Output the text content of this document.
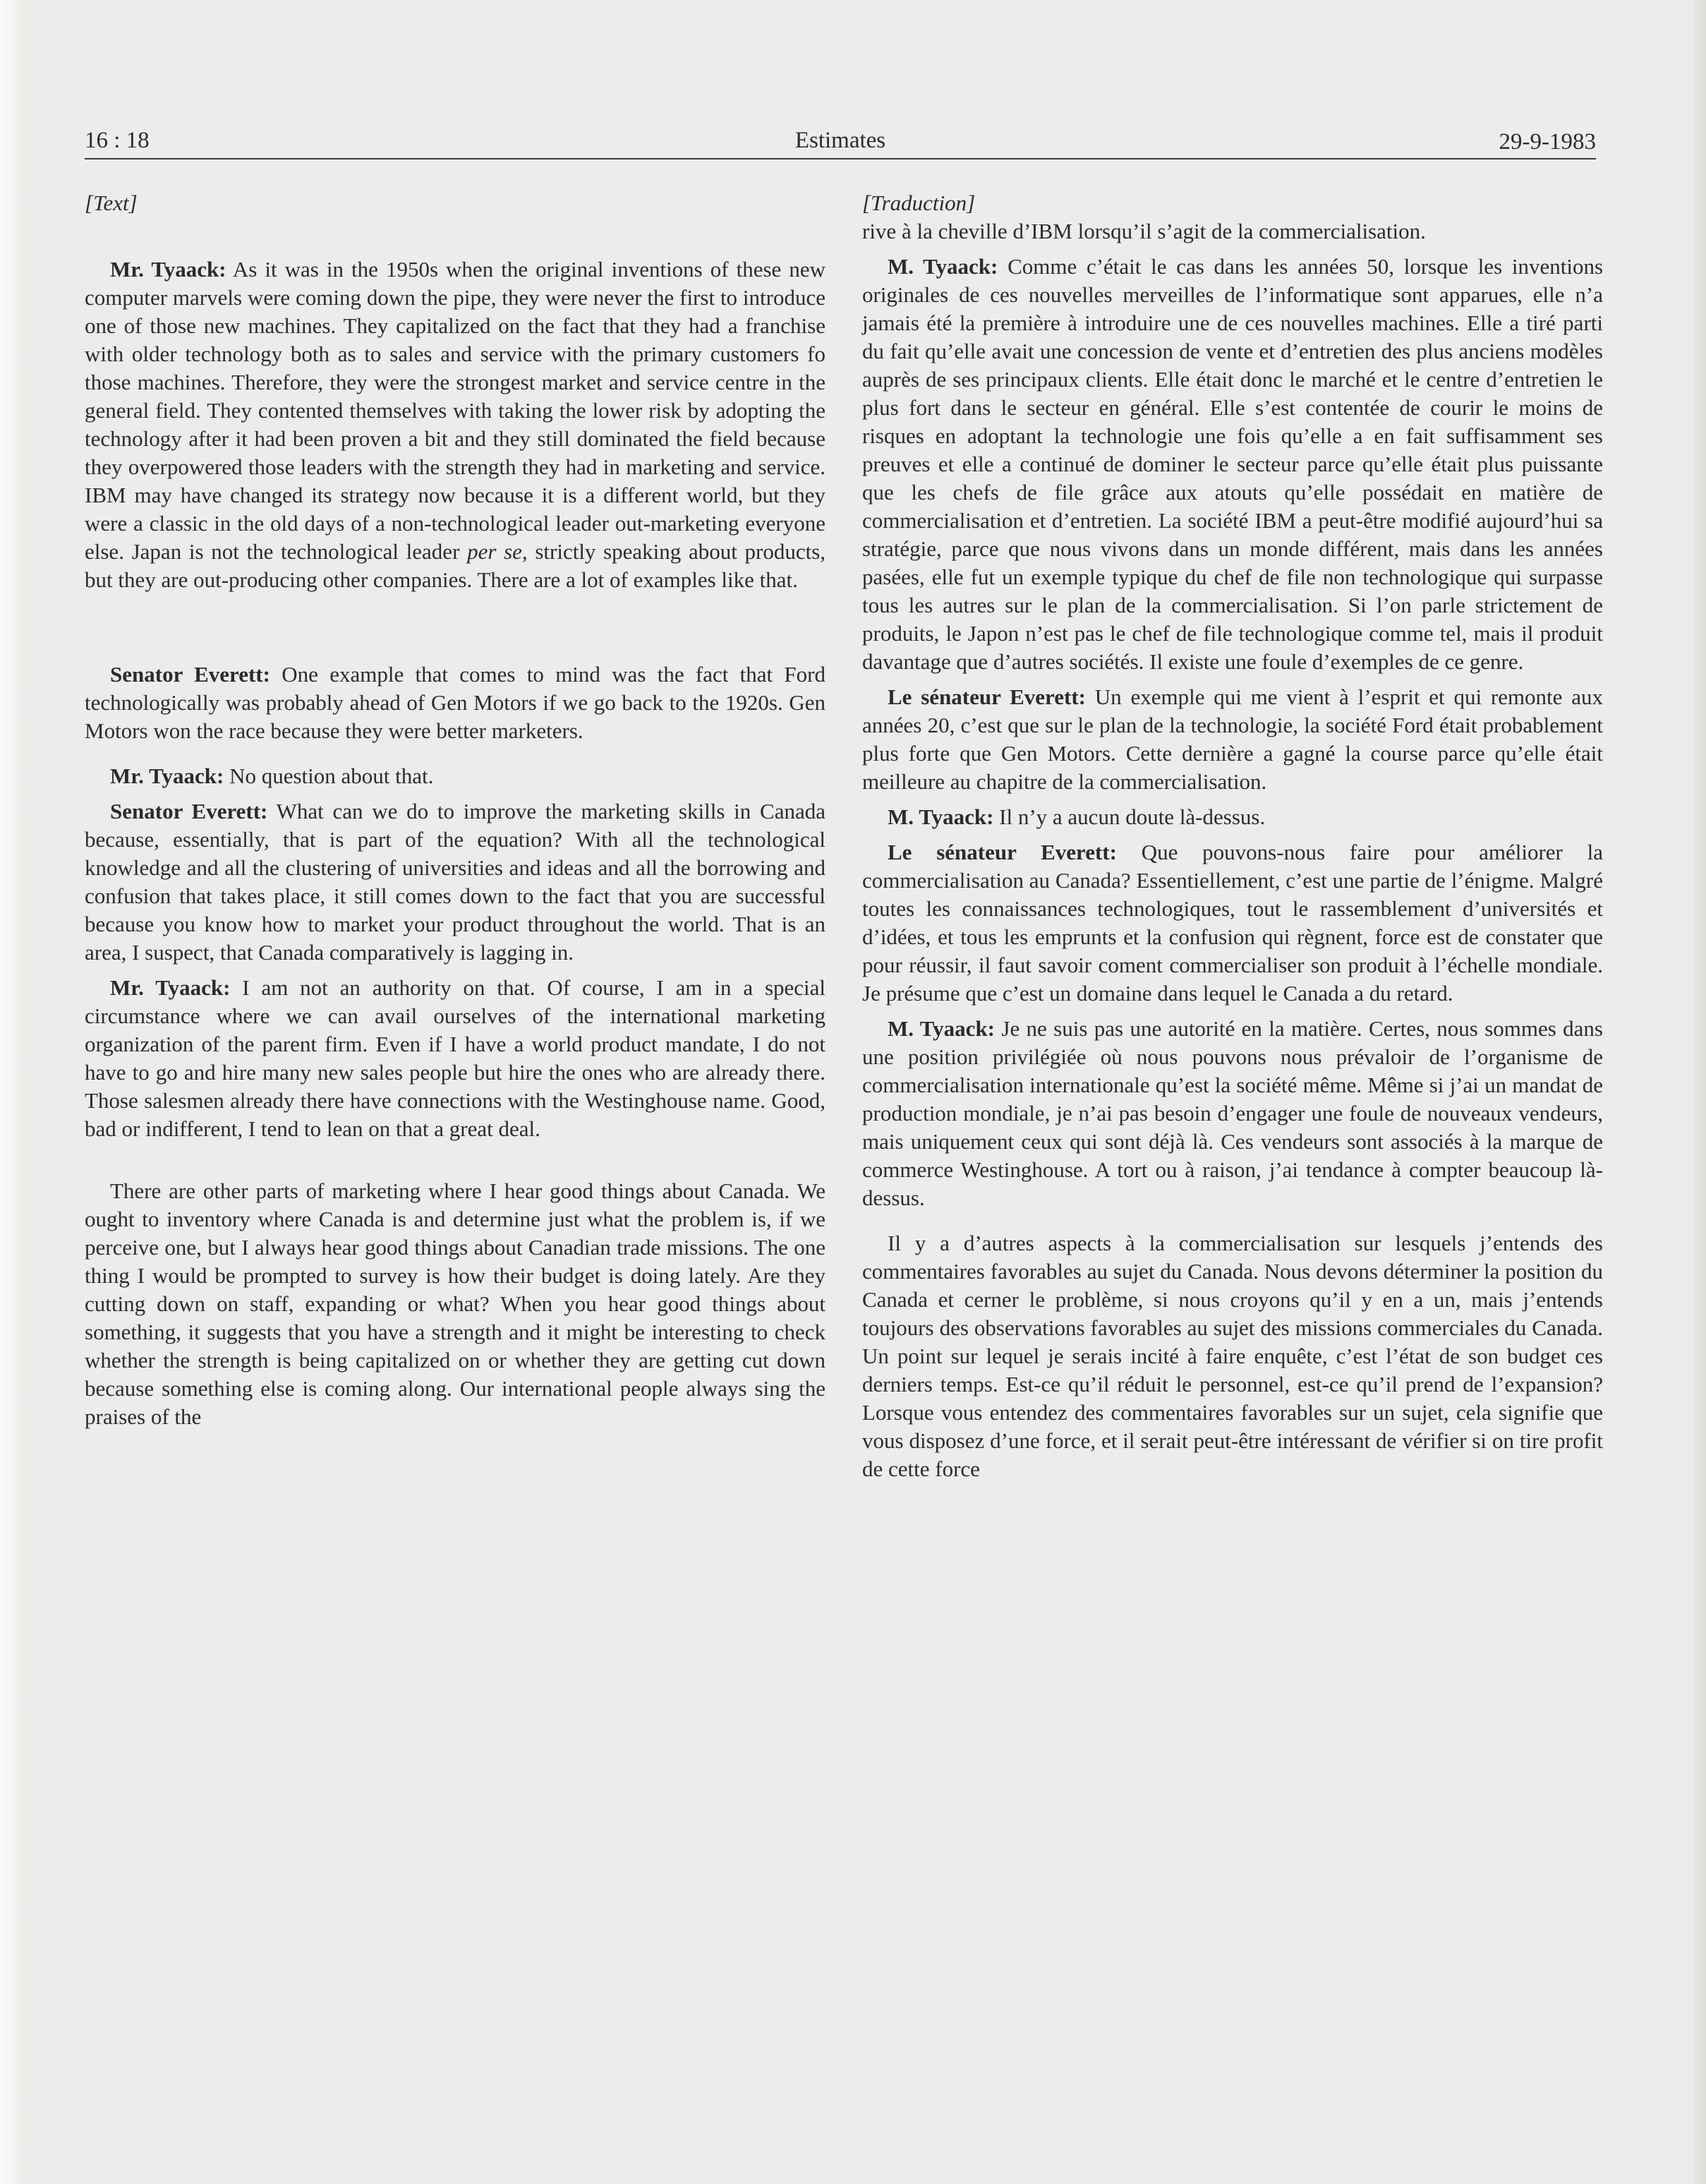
16 : 18	Estimates	29-9-1983

[Text]

Mr. Tyaack: As it was in the 1950s when the original inventions of these new computer marvels were coming down the pipe, they were never the first to introduce one of those new machines. They capitalized on the fact that they had a franchise with older technology both as to sales and service with the primary customers fo those machines. Therefore, they were the strongest market and service centre in the general field. They contented themselves with taking the lower risk by adopting the technology after it had been proven a bit and they still dominated the field because they overpowered those leaders with the strength they had in marketing and service. IBM may have changed its strategy now because it is a different world, but they were a classic in the old days of a non-technological leader out-marketing everyone else. Japan is not the technological leader per se, strictly speaking about products, but they are out-producing other companies. There are a lot of examples like that.

Senator Everett: One example that comes to mind was the fact that Ford technologically was probably ahead of Gen Motors if we go back to the 1920s. Gen Motors won the race because they were better marketers.

Mr. Tyaack: No question about that.

Senator Everett: What can we do to improve the marketing skills in Canada because, essentially, that is part of the equation? With all the technological knowledge and all the clustering of universities and ideas and all the borrowing and confusion that takes place, it still comes down to the fact that you are successful because you know how to market your product throughout the world. That is an area, I suspect, that Canada comparatively is lagging in.

Mr. Tyaack: I am not an authority on that. Of course, I am in a special circumstance where we can avail ourselves of the international marketing organization of the parent firm. Even if I have a world product mandate, I do not have to go and hire many new sales people but hire the ones who are already there. Those salesmen already there have connections with the Westinghouse name. Good, bad or indifferent, I tend to lean on that a great deal.

There are other parts of marketing where I hear good things about Canada. We ought to inventory where Canada is and determine just what the problem is, if we perceive one, but I always hear good things about Canadian trade missions. The one thing I would be prompted to survey is how their budget is doing lately. Are they cutting down on staff, expanding or what? When you hear good things about something, it suggests that you have a strength and it might be interesting to check whether the strength is being capitalized on or whether they are getting cut down because something else is coming along. Our international people always sing the praises of the

[Traduction]

rive à la cheville d’IBM lorsqu’il s’agit de la commercialisation.

M. Tyaack: Comme c’était le cas dans les années 50, lorsque les inventions originales de ces nouvelles merveilles de l’informatique sont apparues, elle n’a jamais été la première à introduire une de ces nouvelles machines. Elle a tiré parti du fait qu’elle avait une concession de vente et d’entretien des plus anciens modèles auprès de ses principaux clients. Elle était donc le marché et le centre d’entretien le plus fort dans le secteur en général. Elle s’est contentée de courir le moins de risques en adoptant la technologie une fois qu’elle a en fait suffisamment ses preuves et elle a continué de dominer le secteur parce qu’elle était plus puissante que les chefs de file grâce aux atouts qu’elle possédait en matière de commercialisation et d’entretien. La société IBM a peut-être modifié aujourd’hui sa stratégie, parce que nous vivons dans un monde différent, mais dans les années pasées, elle fut un exemple typique du chef de file non technologique qui surpasse tous les autres sur le plan de la commercialisation. Si l’on parle strictement de produits, le Japon n’est pas le chef de file technologique comme tel, mais il produit davantage que d’autres sociétés. Il existe une foule d’exemples de ce genre.

Le sénateur Everett: Un exemple qui me vient à l’esprit et qui remonte aux années 20, c’est que sur le plan de la technologie, la société Ford était probablement plus forte que Gen Motors. Cette dernière a gagné la course parce qu’elle était meilleure au chapitre de la commercialisation.

M. Tyaack: Il n’y a aucun doute là-dessus.

Le sénateur Everett: Que pouvons-nous faire pour améliorer la commercialisation au Canada? Essentiellement, c’est une partie de l’énigme. Malgré toutes les connaissances technologiques, tout le rassemblement d’universités et d’idées, et tous les emprunts et la confusion qui règnent, force est de constater que pour réussir, il faut savoir coment commercialiser son produit à l’échelle mondiale. Je présume que c’est un domaine dans lequel le Canada a du retard.

M. Tyaack: Je ne suis pas une autorité en la matière. Certes, nous sommes dans une position privilégiée où nous pouvons nous prévaloir de l’organisme de commercialisation internationale qu’est la société même. Même si j’ai un mandat de production mondiale, je n’ai pas besoin d’engager une foule de nouveaux vendeurs, mais uniquement ceux qui sont déjà là. Ces vendeurs sont associés à la marque de commerce Westinghouse. A tort ou à raison, j’ai tendance à compter beaucoup là-dessus.

Il y a d’autres aspects à la commercialisation sur lesquels j’entends des commentaires favorables au sujet du Canada. Nous devons déterminer la position du Canada et cerner le problème, si nous croyons qu’il y en a un, mais j’entends toujours des observations favorables au sujet des missions commerciales du Canada. Un point sur lequel je serais incité à faire enquête, c’est l’état de son budget ces derniers temps. Est-ce qu’il réduit le personnel, est-ce qu’il prend de l’expansion? Lorsque vous entendez des commentaires favorables sur un sujet, cela signifie que vous disposez d’une force, et il serait peut-être intéressant de vérifier si on tire profit de cette force
